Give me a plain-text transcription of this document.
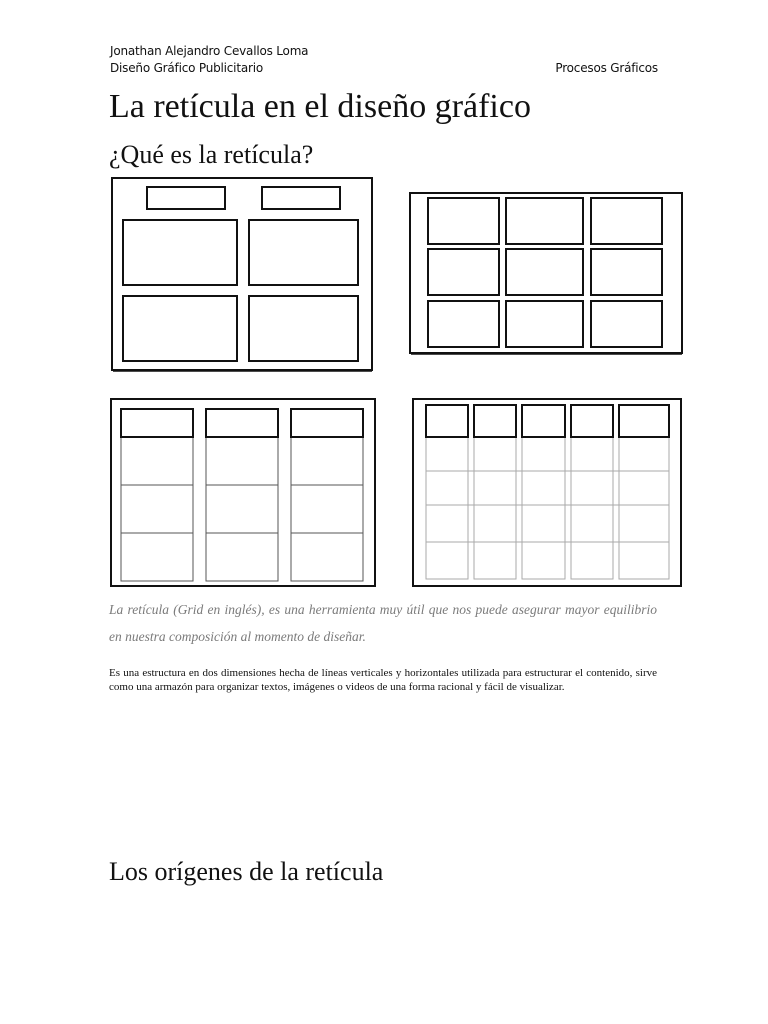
Jonathan Alejandro Cevallos Loma
Diseño Gráfico Publicitario	Procesos Gráficos
La retícula en el diseño gráfico
¿Qué es la retícula?
La retícula (Grid en inglés), es una herramienta muy útil que nos puede asegurar mayor equilibrio en nuestra composición al momento de diseñar.
Es una estructura en dos dimensiones hecha de líneas verticales y horizontales utilizada para estructurar el contenido, sirve como una armazón para organizar textos, imágenes o videos de una forma racional y fácil de visualizar.
Los orígenes de la retícula
